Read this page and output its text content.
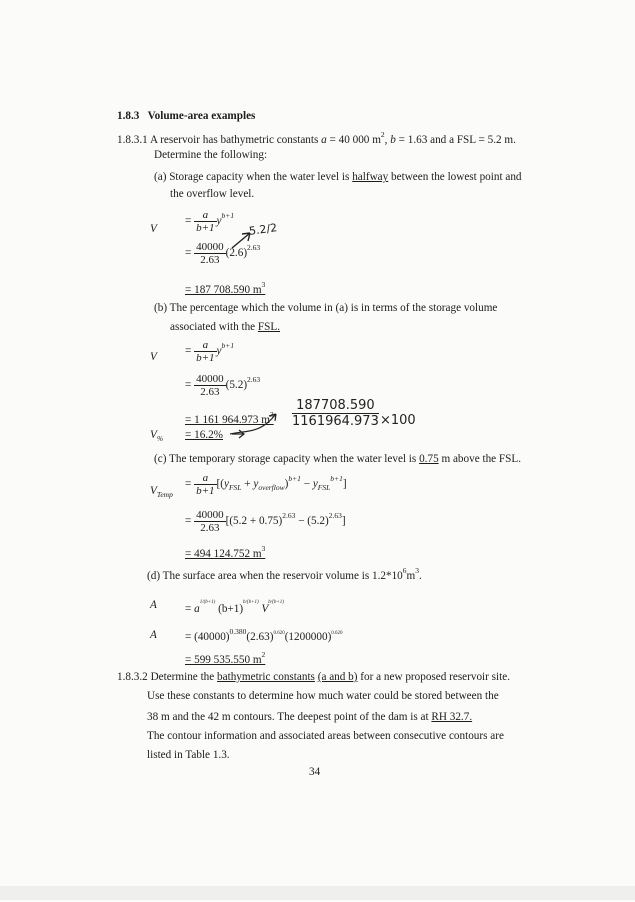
1.8.3 Volume-area examples
1.8.3.1 A reservoir has bathymetric constants a = 40 000 $m^2$, b = 1.63 and a FSL = 5.2 m.
Determine the following:
(a) Storage capacity when the water level is halfway between the lowest point and
the overflow level.
V
= $\frac{a}{b+1} y^{b+1}$
5.2/2
= $\frac{40000}{2.63} (2.6)^{2.63}$
= 187 708.590 $m^3$
(b) The percentage which the volume in (a) is in terms of the storage volume
associated with the FSL.
V	= $\frac{a}{b+1} y^{b+1}$
= $\frac{40000}{2.63} (5.2)^{2.63}$
= 1 161 964.973 $m^3$
$V_{\%} = 16.2\%$
187708.590
1161964.973 ×100
(c) The temporary storage capacity when the water level is 0.75 m above the FSL.
$V_{Temp}$
= $\frac{a}{b+1} [(y_{FSL} + y_{overflow})^{b+1} - y_{FSL}^{b+1}]$
= $\frac{40000}{2.63} [(5.2 + 0.75)^{2.63} - (5.2)^{2.63}]$
= 494 124.752 $m^3$
(d) The surface area when the reservoir volume is $1.2*10^6m^3$.
A	= $a^{1/(b+1)}$ $(b+1)^{b/(b+1)}$ $V^{b/(b+1)}$
A	= $(40000)^{0.380}(2.63)^{0.620}(1200000)^{0.620}$
= 599 535.550 $m^2$
1.8.3.2 Determine the bathymetric constants (a and b) for a new proposed reservoir site.
Use these constants to determine how much water could be stored between the
38 m and the 42 m contours. The deepest point of the dam is at RH 32.7.
The contour information and associated areas between consecutive contours are
listed in Table 1.3.
34
